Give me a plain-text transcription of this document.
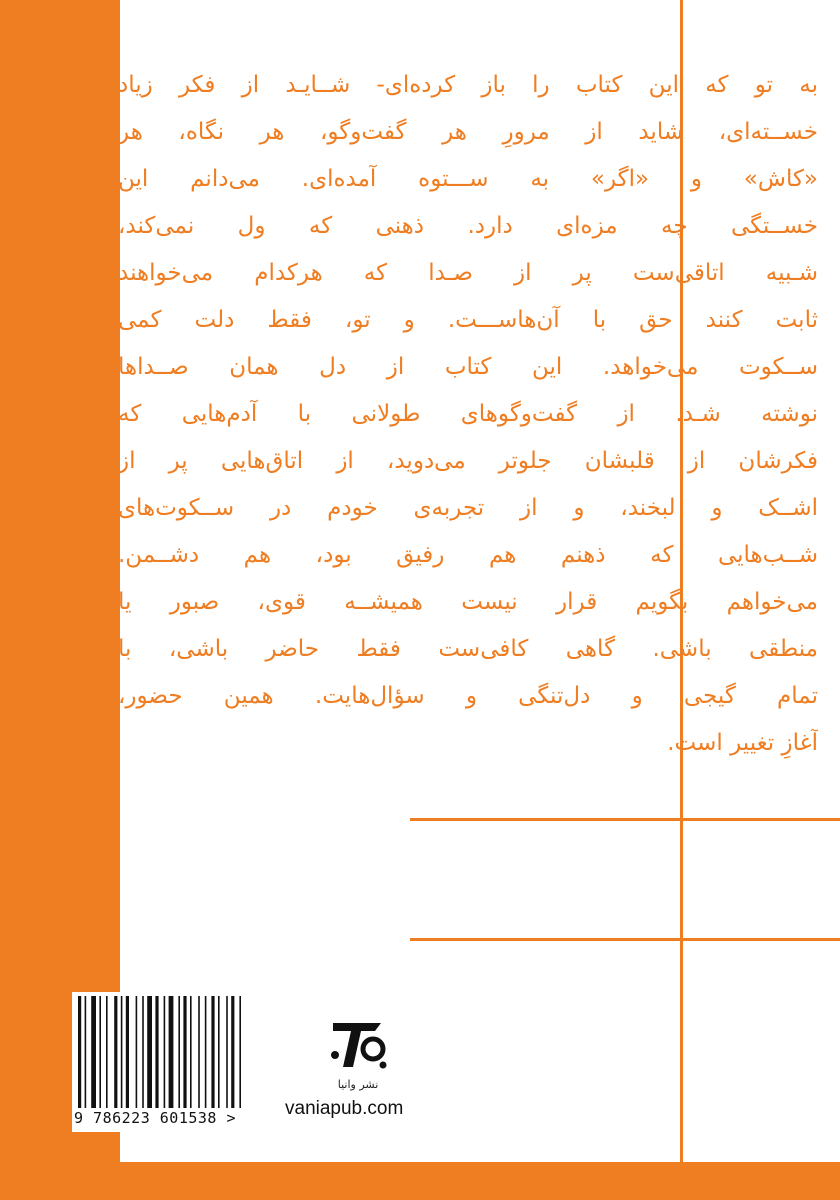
به تو که این کتاب را باز کرده‌ای- شــایـد از فکر زیاد

خســته‌ای، شاید از مرورِ هر گفت‌وگو، هر نگاه، هر

«کاش» و «اگر» به ســـتوه آمده‌ای. می‌دانم این

خســتگی چه مزه‌ای دارد. ذهنی که ول نمی‌کند،

شـبیه اتاقی‌ست پر از صـدا که هرکدام می‌خواهند

ثابت کنند حق با آن‌هاســـت. و تو، فقط دلت کمی

ســکوت می‌خواهد. این کتاب از دل همان صــداها

نوشته شـد. از گفت‌وگوهای طولانی با آدم‌هایی که

فکرشان از قلبشان جلوتر می‌دوید، از اتاق‌هایی پر از

اشــک و لبخند، و از تجربه‌ی خودم در ســکوت‌های

شــب‌هایی که ذهنم هم رفیق بود، هم دشــمن.

می‌خواهم بگویم قرار نیست همیشــه قوی، صبور یا

منطقی باشی. گاهی کافی‌ست فقط حاضر باشی، با

تمام گیجی و دل‌تنگی و سؤال‌هایت. همین حضور،

آغازِ تغییر است.

9 786223 601538 >

نشر وانیا

vaniapub.com
